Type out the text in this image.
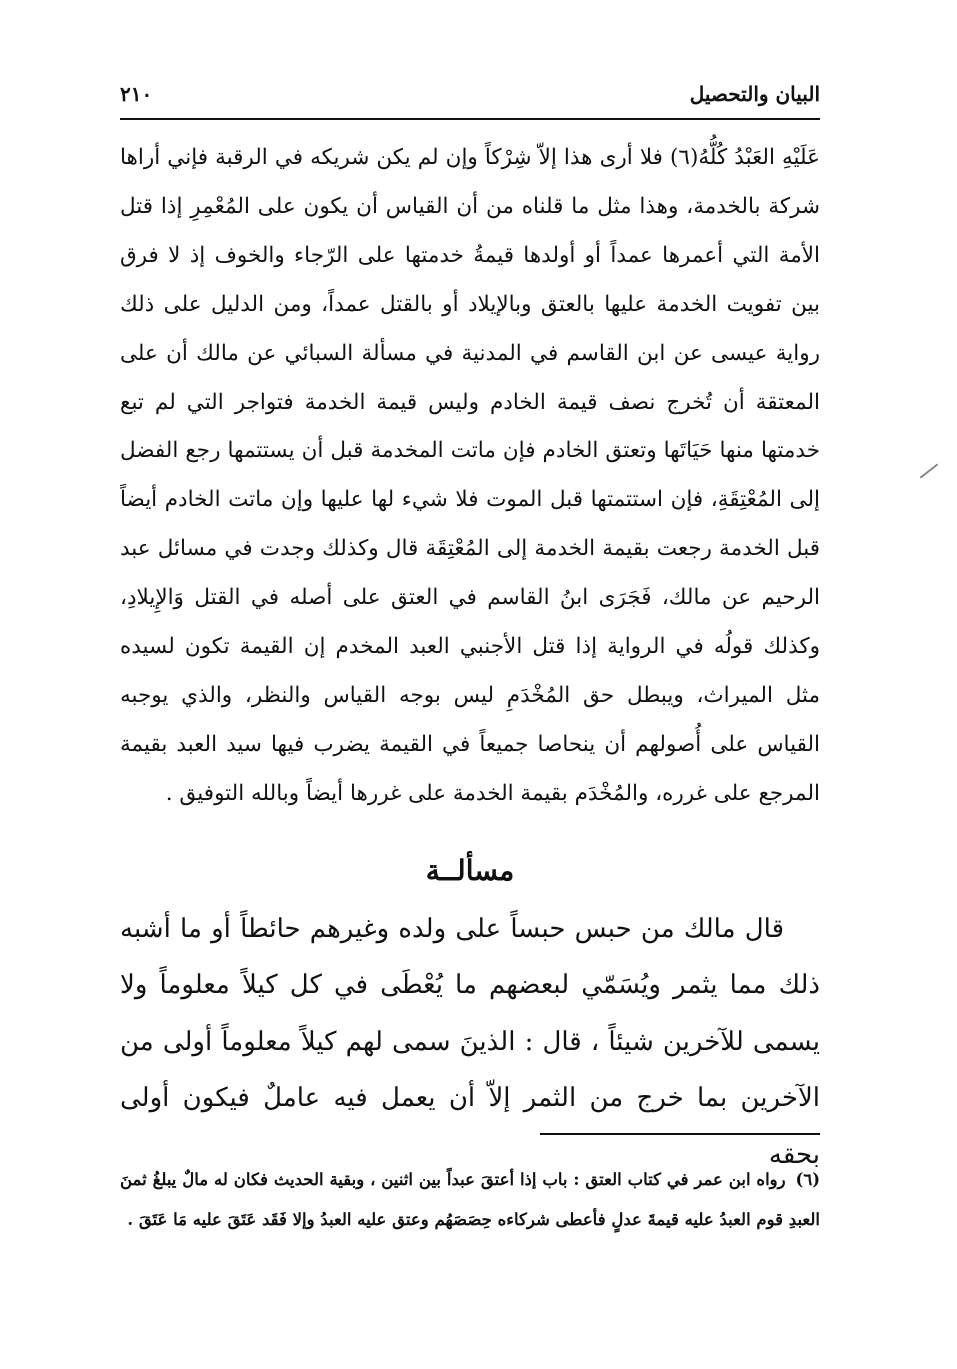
البيان والتحصيل
٢١٠

عَلَيْهِ العَبْدُ كُلُّهُ(٦) فلا أرى هذا إلاّ شِرْكاً وإن لم يكن شريكه في الرقبة فإني أراها شركة بالخدمة، وهذا مثل ما قلناه من أن القياس أن يكون على المُعْمِرِ إذا قتل الأمة التي أعمرها عمداً أو أولدها قيمةُ خدمتها على الرّجاء والخوف إذ لا فرق بين تفويت الخدمة عليها بالعتق وبالإيلاد أو بالقتل عمداً، ومن الدليل على ذلك رواية عيسى عن ابن القاسم في المدنية في مسألة السبائي عن مالك أن على المعتقة أن تُخرج نصف قيمة الخادم وليس قيمة الخدمة فتواجر التي لم تبع خدمتها منها حَيَاتَها وتعتق الخادم فإن ماتت المخدمة قبل أن يستتمها رجع الفضل إلى المُعْتِقَةِ، فإن استتمتها قبل الموت فلا شيء لها عليها وإن ماتت الخادم أيضاً قبل الخدمة رجعت بقيمة الخدمة إلى المُعْتِقَة قال وكذلك وجدت في مسائل عبد الرحيم عن مالك، فَجَرَى ابنُ القاسم في العتق على أصله في القتل وَالإِيلادِ، وكذلك قولُه في الرواية إذا قتل الأجنبي العبد المخدم إن القيمة تكون لسيده مثل الميراث، ويبطل حق المُخْدَمِ ليس بوجه القياس والنظر، والذي يوجبه القياس على أُصولهم أن ينحاصا جميعاً في القيمة يضرب فيها سيد العبد بقيمة المرجع على غرره، والمُخْدَم بقيمة الخدمة على غررها أيضاً وبالله التوفيق .

مسألــة

قال مالك من حبس حبساً على ولده وغيرهم حائطاً أو ما أشبه ذلك مما يثمر ويُسَمّي لبعضهم ما يُعْطَى في كل كيلاً معلوماً ولا يسمى للآخرين شيئاً ، قال : الذينَ سمى لهم كيلاً معلوماً أولى من الآخرين بما خرج من الثمر إلاّ أن يعمل فيه عاملٌ فيكون أولى بحقه

(٦) رواه ابن عمر في كتاب العتق : باب إذا أعتقَ عبداً بين اثنين ، وبقية الحديث فكان له مالٌ يبلغُ ثمنَ العبدِ قوم العبدُ عليه قيمةَ عدلٍ فأعطى شركاءه حِصَصَهُم وعتق عليه العبدُ وإلا فَقَد عَتَقَ عليه مَا عَتَقَ .
